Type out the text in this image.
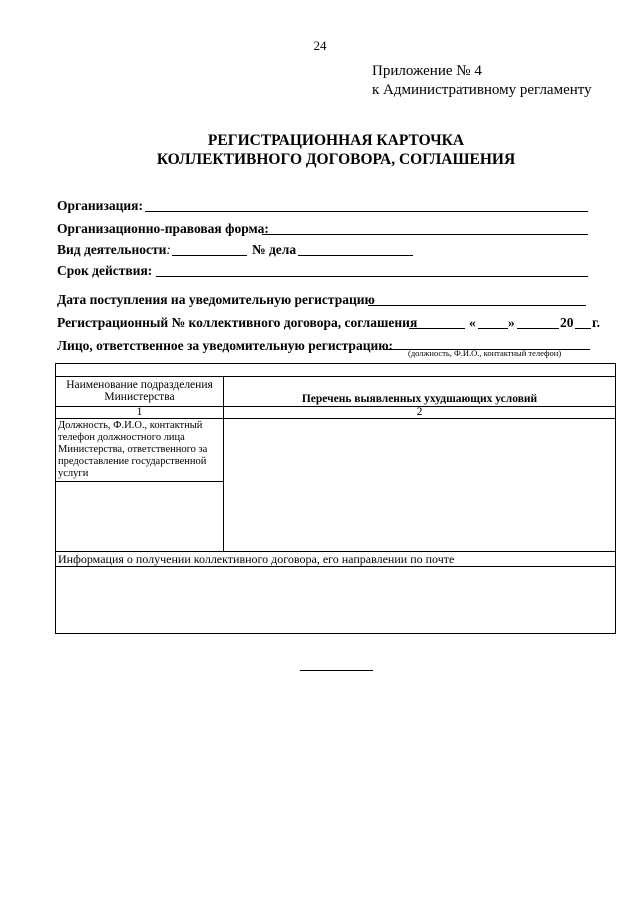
24
Приложение № 4
к Административному регламенту
РЕГИСТРАЦИОННАЯ КАРТОЧКА
КОЛЛЕКТИВНОГО ДОГОВОРА, СОГЛАШЕНИЯ
Организация:
Организационно-правовая форма:
Вид деятельности:	№ дела
Срок действия:
Дата поступления на уведомительную регистрацию
Регистрационный № коллективного договора, соглашения	« »	20 г.
Лицо, ответственное за уведомительную регистрацию: (должность, Ф.И.О., контактный телефон)

Наименование подразделения Министерства	Перечень выявленных ухудшающих условий
1	2

Должность, Ф.И.О., контактный телефон должностного лица Министерства, ответственного за предоставление государственной услуги	

Информация о получении коллективного договора, его направлении по почте	
